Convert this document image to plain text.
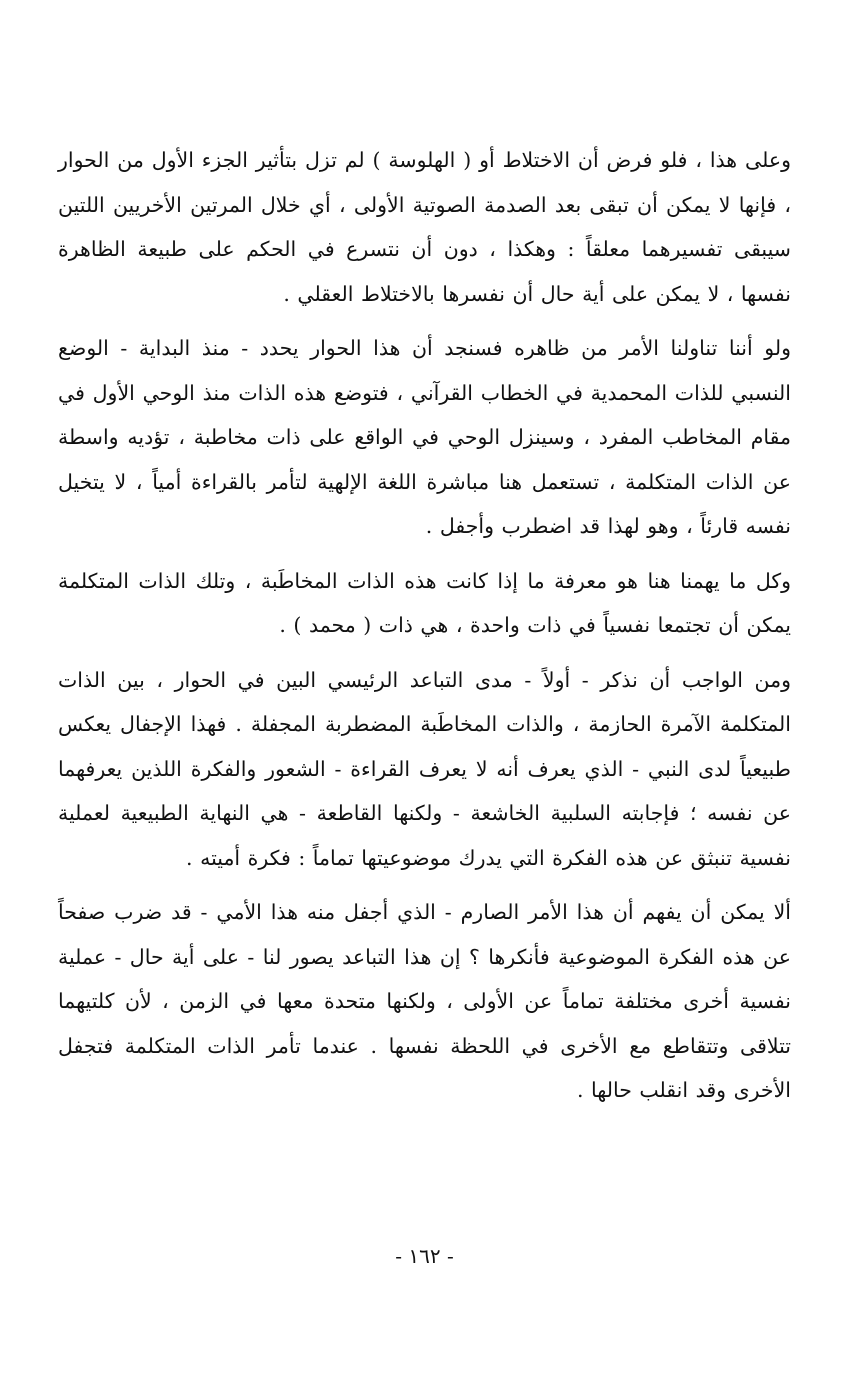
وعلى هذا ، فلو فرض أن الاختلاط أو ( الهلوسة ) لم تزل بتأثير الجزء الأول من الحوار ، فإنها لا يمكن أن تبقى بعد الصدمة الصوتية الأولى ، أي خلال المرتين الأخريين اللتين سيبقى تفسيرهما معلقاً : وهكذا ، دون أن نتسرع في الحكم على طبيعة الظاهرة نفسها ، لا يمكن على أية حال أن نفسرها بالاختلاط العقلي .

ولو أننا تناولنا الأمر من ظاهره فسنجد أن هذا الحوار يحدد - منذ البداية - الوضع النسبي للذات المحمدية في الخطاب القرآني ، فتوضع هذه الذات منذ الوحي الأول في مقام المخاطب المفرد ، وسينزل الوحي في الواقع على ذات مخاطبة ، تؤديه واسطة عن الذات المتكلمة ، تستعمل هنا مباشرة اللغة الإلهية لتأمر بالقراءة أمياً ، لا يتخيل نفسه قارئاً ، وهو لهذا قد اضطرب وأجفل .

وكل ما يهمنا هنا هو معرفة ما إذا كانت هذه الذات المخاطَبة ، وتلك الذات المتكلمة يمكن أن تجتمعا نفسياً في ذات واحدة ، هي ذات ( محمد ) .

ومن الواجب أن نذكر - أولاً - مدى التباعد الرئيسي البين في الحوار ، بين الذات المتكلمة الآمرة الحازمة ، والذات المخاطَبة المضطربة المجفلة . فهذا الإجفال يعكس طبيعياً لدى النبي - الذي يعرف أنه لا يعرف القراءة - الشعور والفكرة اللذين يعرفهما عن نفسه ؛ فإجابته السلبية الخاشعة - ولكنها القاطعة - هي النهاية الطبيعية لعملية نفسية تنبثق عن هذه الفكرة التي يدرك موضوعيتها تماماً : فكرة أميته .

ألا يمكن أن يفهم أن هذا الأمر الصارم - الذي أجفل منه هذا الأمي - قد ضرب صفحاً عن هذه الفكرة الموضوعية فأنكرها ؟ إن هذا التباعد يصور لنا - على أية حال - عملية نفسية أخرى مختلفة تماماً عن الأولى ، ولكنها متحدة معها في الزمن ، لأن كلتيهما تتلاقى وتتقاطع مع الأخرى في اللحظة نفسها . عندما تأمر الذات المتكلمة فتجفل الأخرى وقد انقلب حالها .

- ١٦٢ -
